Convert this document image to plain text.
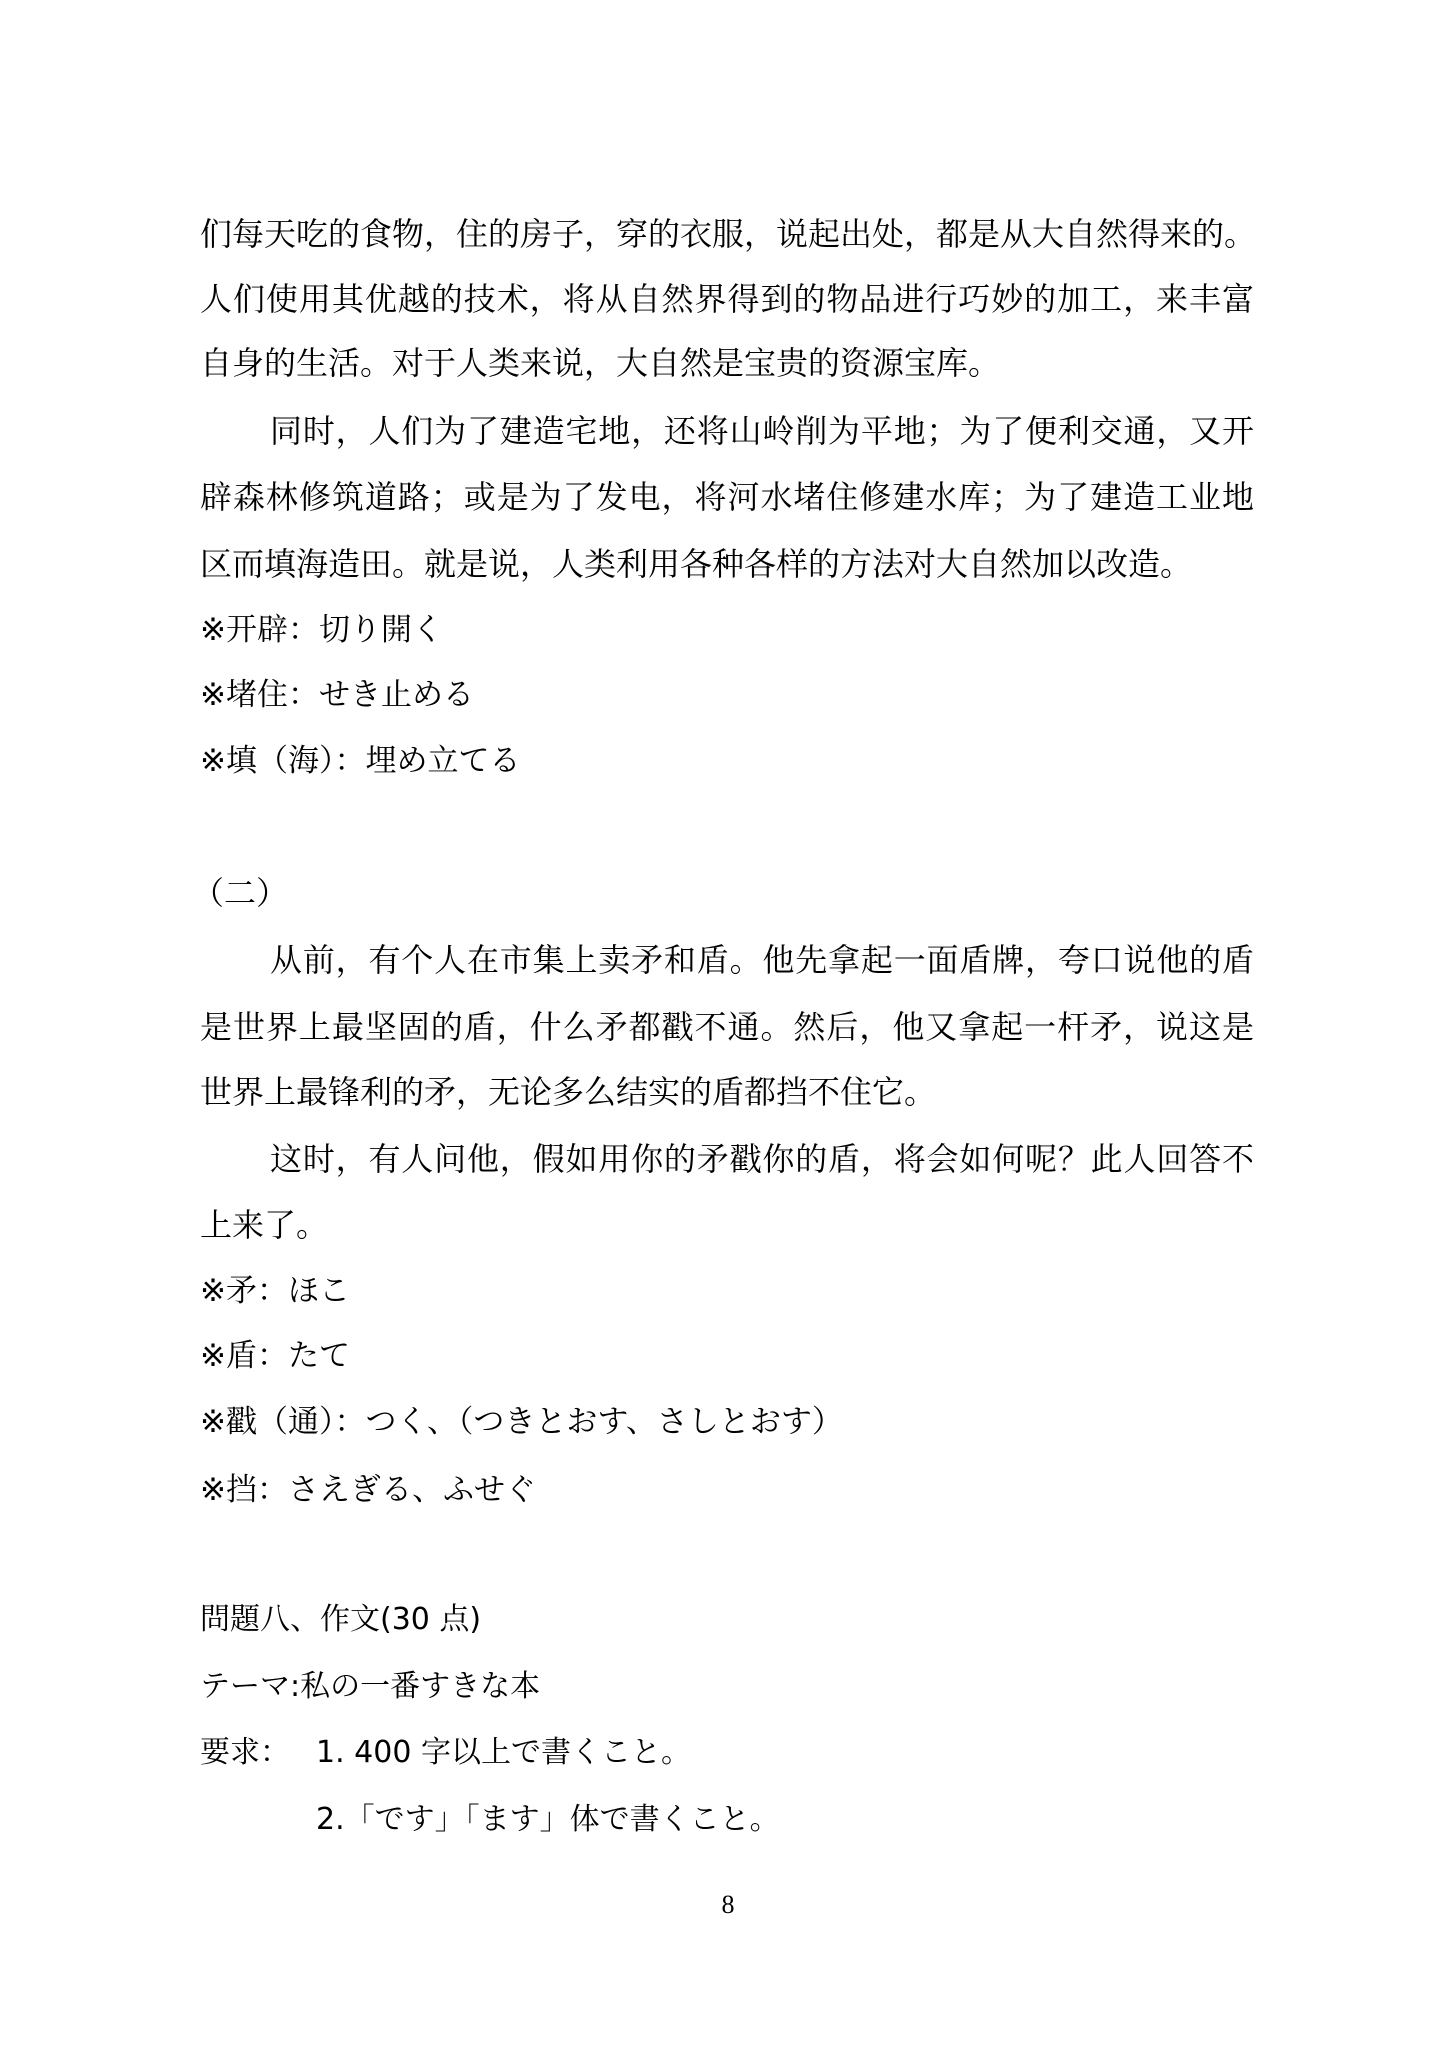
们每天吃的食物，住的房子，穿的衣服，说起出处，都是从大自然得来的。
人们使用其优越的技术，将从自然界得到的物品进行巧妙的加工，来丰富
自身的生活。对于人类来说，大自然是宝贵的资源宝库。
同时，人们为了建造宅地，还将山岭削为平地；为了便利交通，又开
辟森林修筑道路；或是为了发电，将河水堵住修建水库；为了建造工业地
区而填海造田。就是说，人类利用各种各样的方法对大自然加以改造。
※开辟：切り開く
※堵住：せき止める
※填（海）：埋め立てる
（二）
从前，有个人在市集上卖矛和盾。他先拿起一面盾牌，夸口说他的盾
是世界上最坚固的盾，什么矛都戳不通。然后，他又拿起一杆矛，说这是
世界上最锋利的矛，无论多么结实的盾都挡不住它。
这时，有人问他，假如用你的矛戳你的盾，将会如何呢？此人回答不
上来了。
※矛：ほこ
※盾：たて
※戳（通）：つく、（つきとおす、さしとおす）
※挡：さえぎる、ふせぐ
問題八、作文(30 点)
テーマ:私の一番すきな本
要求： 1. 400 字以上で書くこと。
2.「です」「ます」体で書くこと。
8
